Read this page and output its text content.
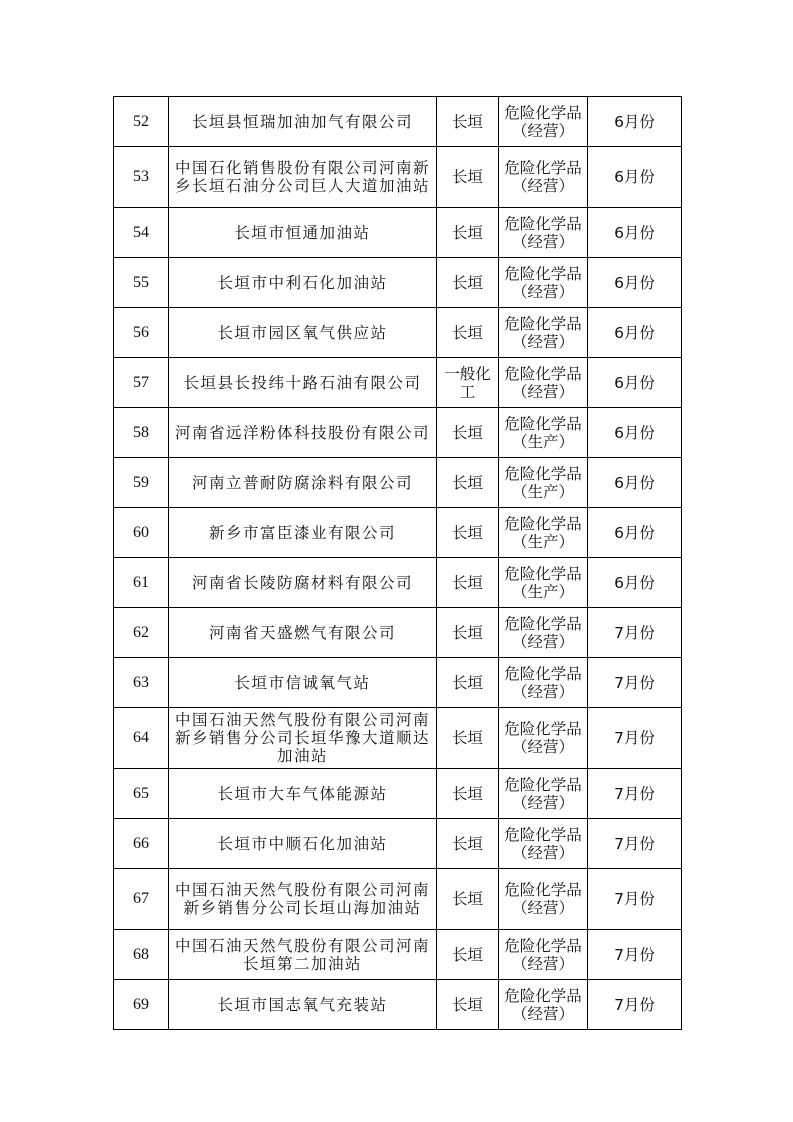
52	长垣县恒瑞加油加气有限公司	长垣	危险化学品（经营）	6月份
53	中国石化销售股份有限公司河南新乡长垣石油分公司巨人大道加油站	长垣	危险化学品（经营）	6月份
54	长垣市恒通加油站	长垣	危险化学品（经营）	6月份
55	长垣市中利石化加油站	长垣	危险化学品（经营）	6月份
56	长垣市园区氧气供应站	长垣	危险化学品（经营）	6月份
57	长垣县长投纬十路石油有限公司	一般化工	危险化学品（经营）	6月份
58	河南省远洋粉体科技股份有限公司	长垣	危险化学品（生产）	6月份
59	河南立普耐防腐涂料有限公司	长垣	危险化学品（生产）	6月份
60	新乡市富臣漆业有限公司	长垣	危险化学品（生产）	6月份
61	河南省长陵防腐材料有限公司	长垣	危险化学品（生产）	6月份
62	河南省天盛燃气有限公司	长垣	危险化学品（经营）	7月份
63	长垣市信诚氧气站	长垣	危险化学品（经营）	7月份
64	中国石油天然气股份有限公司河南新乡销售分公司长垣华豫大道顺达加油站	长垣	危险化学品（经营）	7月份
65	长垣市大车气体能源站	长垣	危险化学品（经营）	7月份
66	长垣市中顺石化加油站	长垣	危险化学品（经营）	7月份
67	中国石油天然气股份有限公司河南新乡销售分公司长垣山海加油站	长垣	危险化学品（经营）	7月份
68	中国石油天然气股份有限公司河南长垣第二加油站	长垣	危险化学品（经营）	7月份
69	长垣市国志氧气充装站	长垣	危险化学品（经营）	7月份
